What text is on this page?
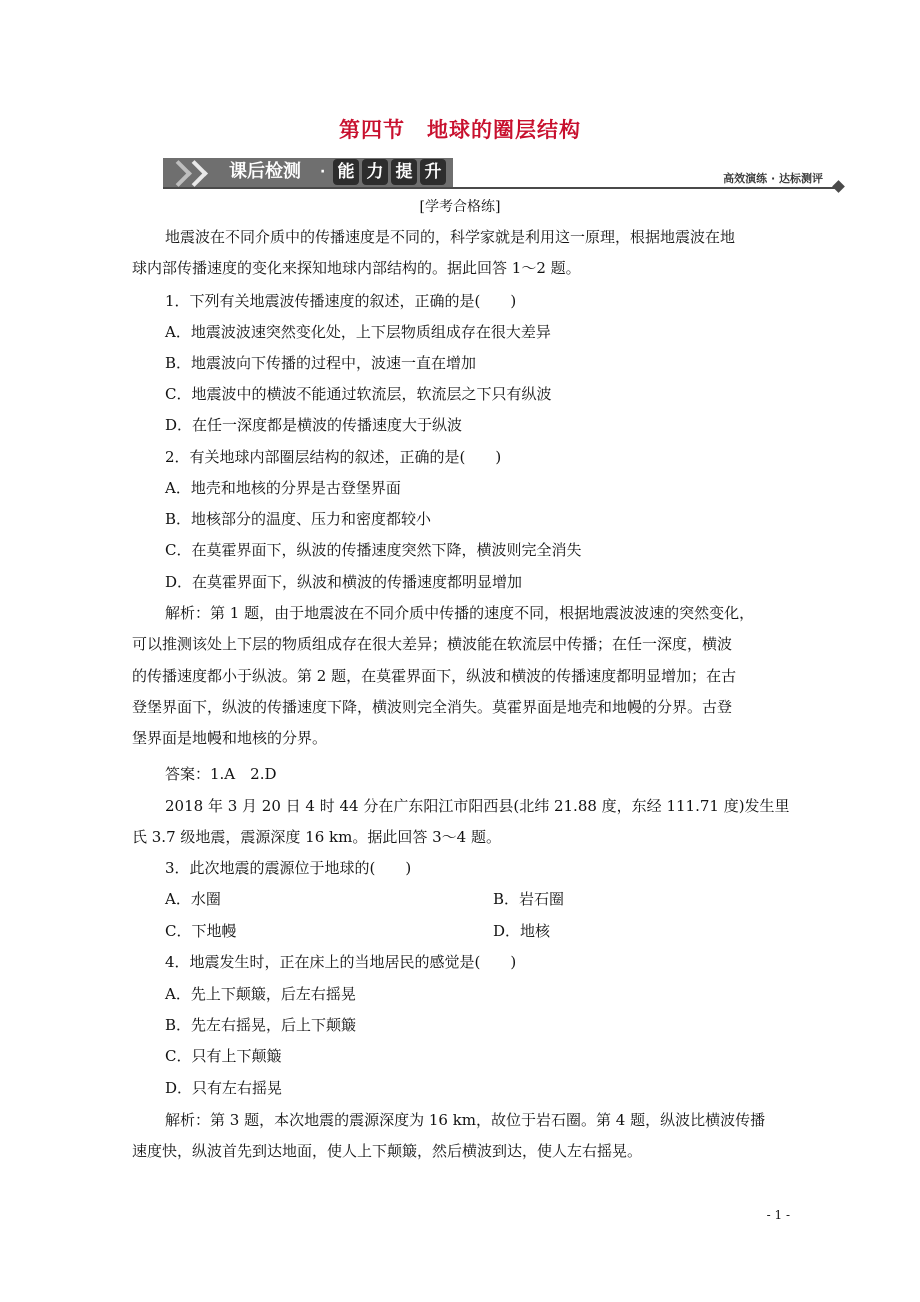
第四节 地球的圈层结构
课后检测 · 能 力 提 升	高效演练 · 达标测评
[学考合格练]
地震波在不同介质中的传播速度是不同的，科学家就是利用这一原理，根据地震波在地
球内部传播速度的变化来探知地球内部结构的。据此回答 1～2 题。
1．下列有关地震波传播速度的叙述，正确的是(　　)
A．地震波波速突然变化处，上下层物质组成存在很大差异
B．地震波向下传播的过程中，波速一直在增加
C．地震波中的横波不能通过软流层，软流层之下只有纵波
D．在任一深度都是横波的传播速度大于纵波
2．有关地球内部圈层结构的叙述，正确的是(　　)
A．地壳和地核的分界是古登堡界面
B．地核部分的温度、压力和密度都较小
C．在莫霍界面下，纵波的传播速度突然下降，横波则完全消失
D．在莫霍界面下，纵波和横波的传播速度都明显增加
解析：第 1 题，由于地震波在不同介质中传播的速度不同，根据地震波波速的突然变化，
可以推测该处上下层的物质组成存在很大差异；横波能在软流层中传播；在任一深度，横波
的传播速度都小于纵波。第 2 题，在莫霍界面下，纵波和横波的传播速度都明显增加；在古
登堡界面下，纵波的传播速度下降，横波则完全消失。莫霍界面是地壳和地幔的分界。古登
堡界面是地幔和地核的分界。
答案：1.A　2.D
2018 年 3 月 20 日 4 时 44 分在广东阳江市阳西县(北纬 21.88 度，东经 111.71 度)发生里
氏 3.7 级地震，震源深度 16 km。据此回答 3～4 题。
3．此次地震的震源位于地球的(　　)
A．水圈	B．岩石圈
C．下地幔	D．地核
4．地震发生时，正在床上的当地居民的感觉是(　　)
A．先上下颠簸，后左右摇晃
B．先左右摇晃，后上下颠簸
C．只有上下颠簸
D．只有左右摇晃
解析：第 3 题，本次地震的震源深度为 16 km，故位于岩石圈。第 4 题，纵波比横波传播
速度快，纵波首先到达地面，使人上下颠簸，然后横波到达，使人左右摇晃。
- 1 -
